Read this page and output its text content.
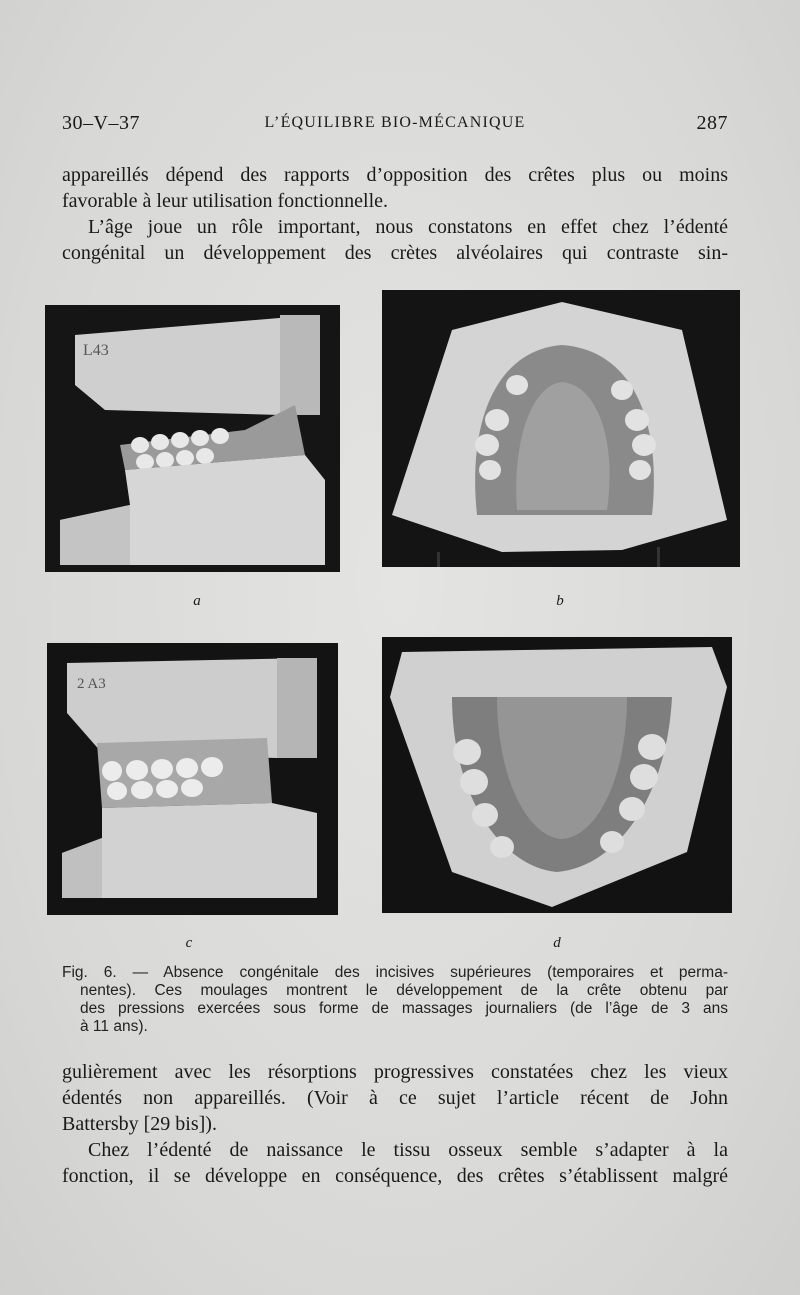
30–V–37	L’ÉQUILIBRE BIO-MÉCANIQUE	287
appareillés dépend des rapports d’opposition des crêtes plus ou moins
favorable à leur utilisation fonctionnelle.
L’âge joue un rôle important, nous constatons en effet chez l’édenté
congénital un développement des crètes alvéolaires qui contraste sin-
L43
a	b
2 A3
c	d
Fig. 6. — Absence congénitale des incisives supérieures (temporaires et perma-
nentes). Ces moulages montrent le développement de la crête obtenu par
des pressions exercées sous forme de massages journaliers (de l’âge de 3 ans
à 11 ans).
gulièrement avec les résorptions progressives constatées chez les vieux
édentés non appareillés. (Voir à ce sujet l’article récent de John
Battersby [29 bis]).
Chez l’édenté de naissance le tissu osseux semble s’adapter à la
fonction, il se développe en conséquence, des crêtes s’établissent malgré
